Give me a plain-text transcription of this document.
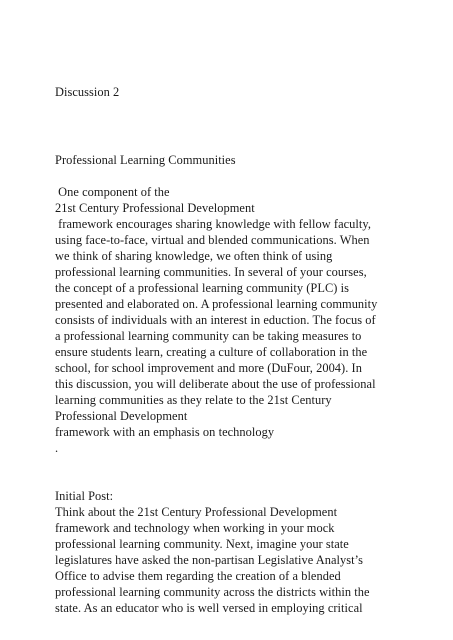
Discussion 2
Professional Learning Communities
One component of the
21st Century Professional Development
framework encourages sharing knowledge with fellow faculty,
using face-to-face, virtual and blended communications. When
we think of sharing knowledge, we often think of using
professional learning communities. In several of your courses,
the concept of a professional learning community (PLC) is
presented and elaborated on. A professional learning community
consists of individuals with an interest in eduction. The focus of
a professional learning community can be taking measures to
ensure students learn, creating a culture of collaboration in the
school, for school improvement and more (DuFour, 2004). In
this discussion, you will deliberate about the use of professional
learning communities as they relate to the 21st Century
Professional Development
framework with an emphasis on technology
.
Initial Post:
Think about the 21st Century Professional Development
framework and technology when working in your mock
professional learning community. Next, imagine your state
legislatures have asked the non-partisan Legislative Analyst’s
Office to advise them regarding the creation of a blended
professional learning community across the districts within the
state. As an educator who is well versed in employing critical
